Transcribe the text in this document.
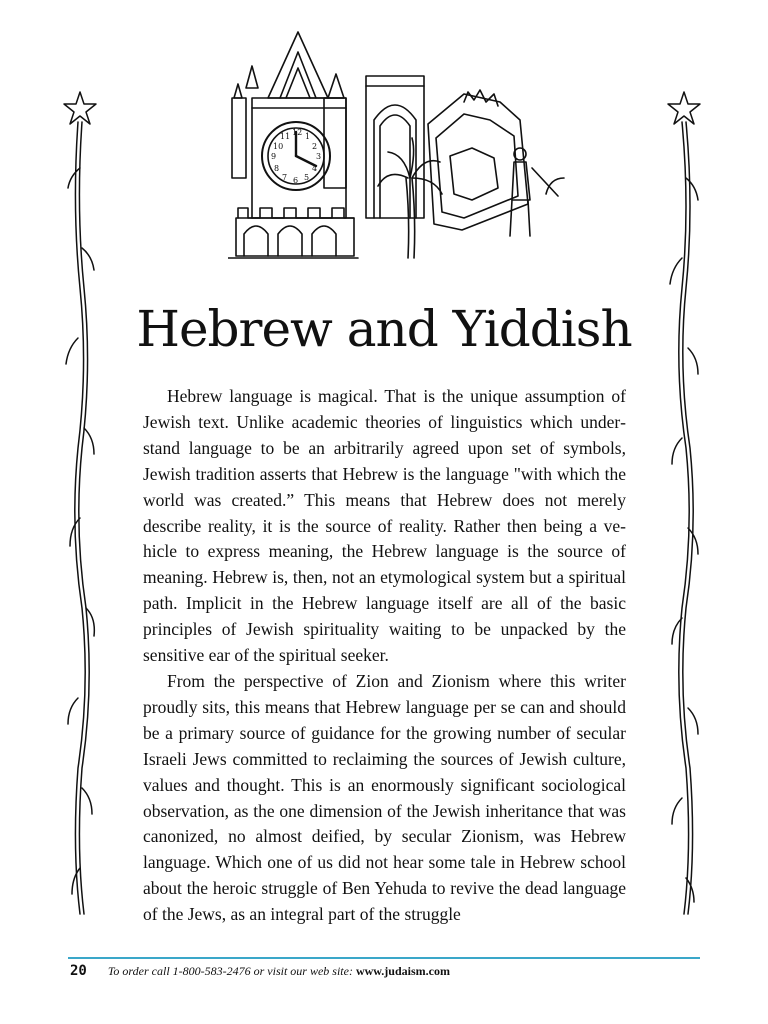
12 1
2
3
4
5
6
7
8
9
10
11
Hebrew and Yiddish

Hebrew language is magical. That is the unique assumption of Jewish text. Unlike academic theories of linguistics which understand language to be an arbitrarily agreed upon set of symbols, Jewish tradition asserts that Hebrew is the language "with which the world was created.” This means that Hebrew does not merely describe reality, it is the source of reality. Rather then being a vehicle to express meaning, the Hebrew language is the source of meaning. Hebrew is, then, not an etymological system but a spiritual path. Implicit in the Hebrew language itself are all of the basic principles of Jewish spirituality waiting to be unpacked by the sensitive ear of the spiritual seeker.

From the perspective of Zion and Zionism where this writer proudly sits, this means that Hebrew language per se can and should be a primary source of guidance for the growing number of secular Israeli Jews committed to reclaiming the sources of Jewish culture, values and thought. This is an enormously significant sociological observation, as the one dimension of the Jewish inheritance that was canonized, no almost deified, by secular Zionism, was Hebrew language. Which one of us did not hear some tale in Hebrew school about the heroic struggle of Ben Yehuda to revive the dead language of the Jews, as an integral part of the struggle

20 To order call 1-800-583-2476 or visit our web site: www.judaism.com
